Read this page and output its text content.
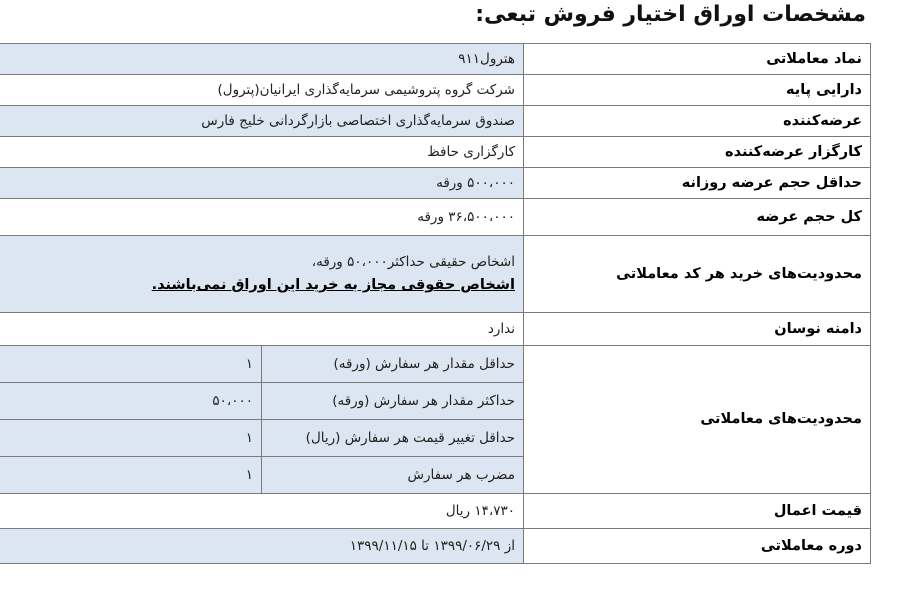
مشخصات اوراق اختیار فروش تبعی:
نماد معاملاتی	هترول۹۱۱	
دارایی پایه	شرکت گروه پتروشیمی سرمایه‌گذاری ایرانیان(پترول)	
عرضه‌کننده	صندوق سرمایه‌گذاری اختصاصی بازارگردانی خلیج فارس	
کارگزار عرضه‌کننده	کارگزاری حافظ	
حداقل حجم عرضه روزانه	۵۰۰،۰۰۰ ورقه	
کل حجم عرضه	۳۶،۵۰۰،۰۰۰ ورقه	
محدودیت‌های خرید هر کد معاملاتی	اشخاص حقیقی حداکثر۵۰،۰۰۰ ورقه،
اشخاص حقوقی مجاز به خرید این اوراق نمی‌باشند.	

دامنه نوسان	ندارد	
محدودیت‌های معاملاتی	حداقل مقدار هر سفارش (ورقه)	۱
	حداکثر مقدار هر سفارش (ورقه)	۵۰،۰۰۰
	حداقل تغییر قیمت هر سفارش (ریال)	۱
	مضرب هر سفارش	۱
قیمت اعمال	۱۴،۷۳۰ ریال	
دوره معاملاتی	از ۱۳۹۹/۰۶/۲۹ تا ۱۳۹۹/۱۱/۱۵	
